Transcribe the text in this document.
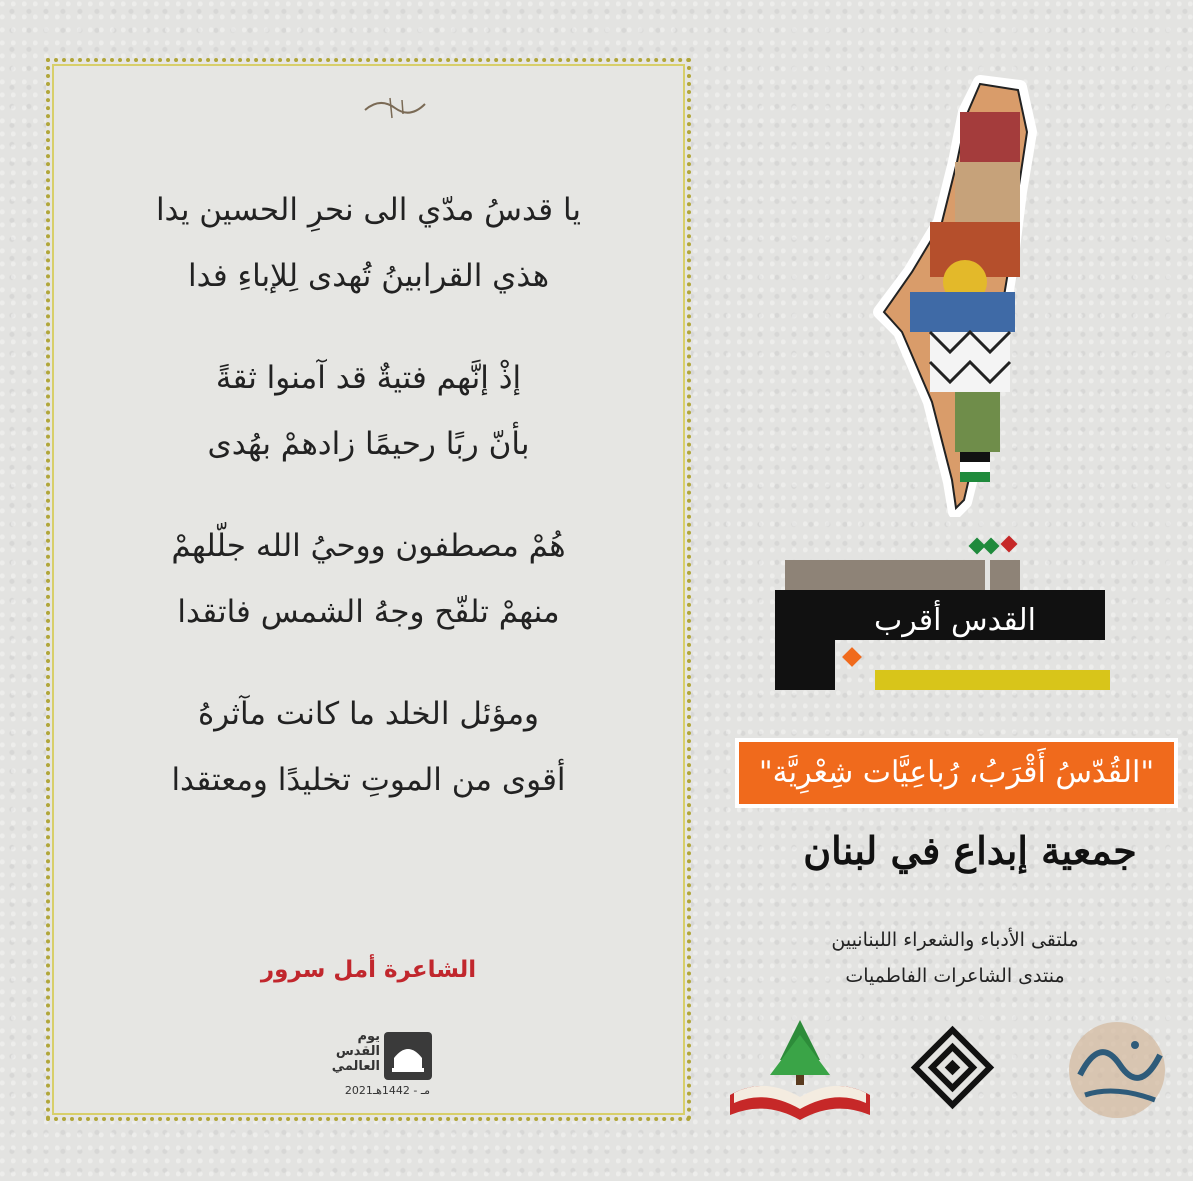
يا قدسُ مدّي الى نحرِ الحسين يدا
هذي القرابينُ تُهدى لِلإباءِ فدا
إذْ إنَّهم فتيةٌ قد آمنوا ثقةً
بأنّ ربًا رحيمًا زادهمْ بهُدى
هُمْ مصطفون ووحيُ الله جلّلهمْ
منهمْ تلفّح وجهُ الشمس فاتقدا
ومؤئل الخلد ما كانت مآثرهُ
أقوى من الموتِ تخليدًا ومعتقدا
الشاعرة أمل سرور
يوم القدس العالمي
2021مـ - 1442هـ
القدس أقرب
"القُدّسُ أَقْرَبُ، رُباعِيَّات شِعْرِيَّة"
جمعية إبداع في لبنان
ملتقى الأدباء والشعراء اللبنانيين
منتدى الشاعرات الفاطميات
